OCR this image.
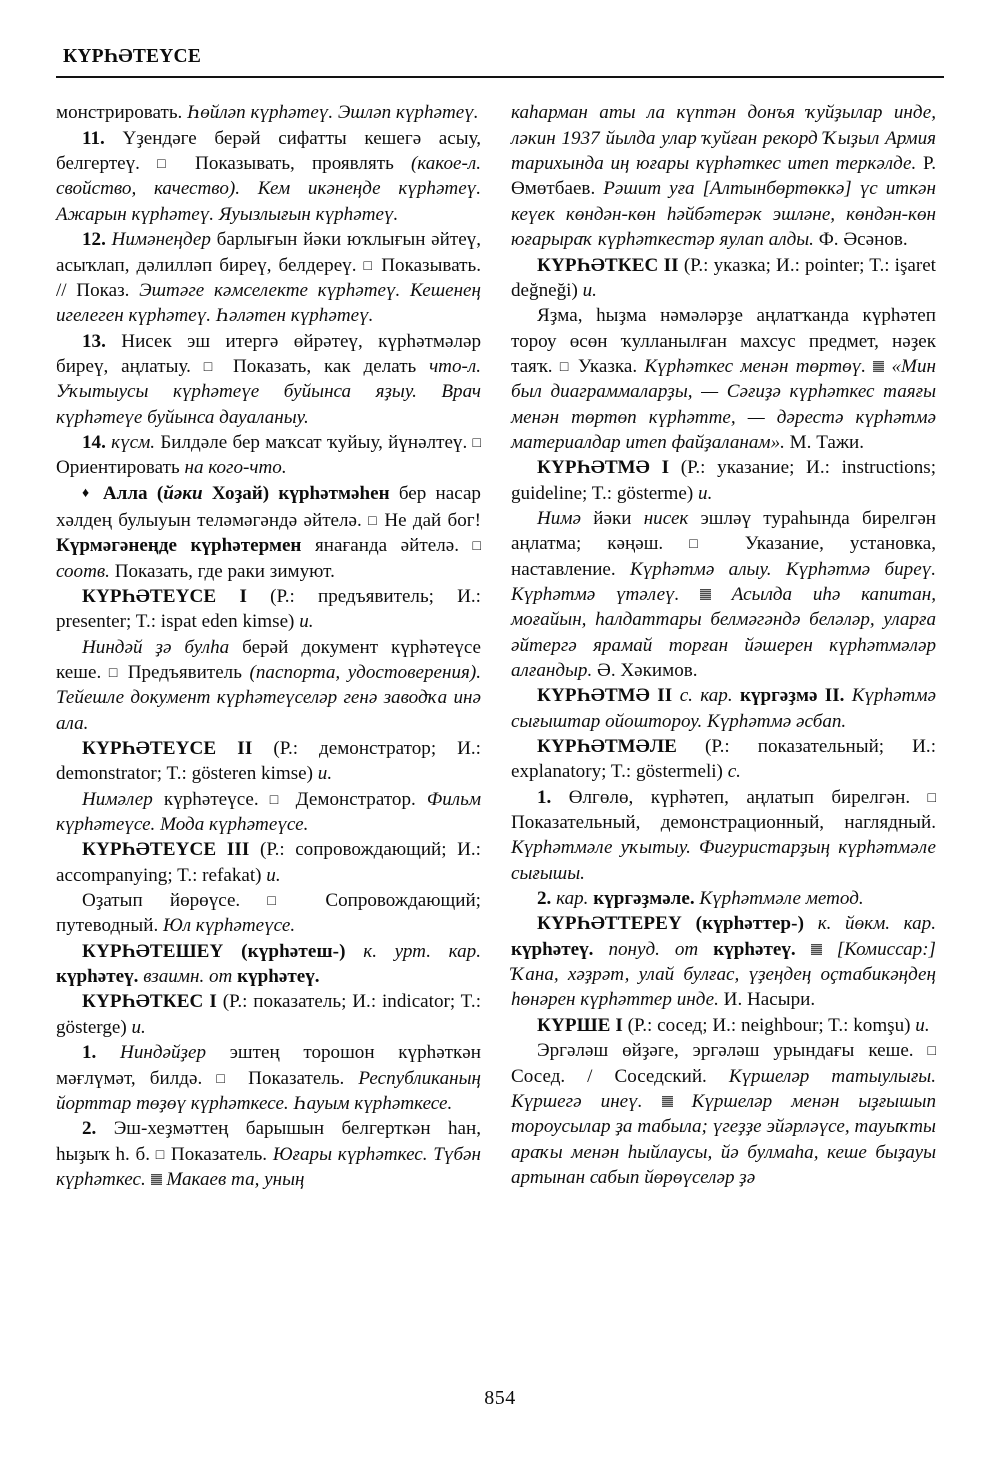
КҮРҺӘТЕҮСЕ

монстрировать. Һөйләп күрһәтеү. Эшләп күрһәтеү.

11. Үҙендәге берәй сифатты кешегә асыу, белгертеү. □ Показывать, проявлять (какое-л. свойство, качество). Кем икәнеңде күрһәтеү. Ажарын күрһәтеү. Яуызлығын күрһәтеү.

12. Нимәнеңдер барлығын йәки юҡлығын әйтеү, асыҡлап, дәлилләп биреү, белдереү. □ Показывать. // Показ. Эштәге кәмселекте күрһәтеү. Кешенең игелеген күрһәтеү. Һәләтен күрһәтеү.

13. Нисек эш итергә өйрәтеү, күрһәтмәләр биреү, аңлатыу. □ Показать, как делать что-л. Уҡытыусы күрһәтеүе буйынса яҙыу. Врач күрһәтеүе буйынса дауаланыу.

14. күсм. Билдәле бер маҡсат ҡуйыу, йүнәлтеү. □ Ориентировать на кого-что.

♦ Алла (йәки Хоҙай) күрһәтмәһен бер насар хәлдең булыуын теләмәгәндә әйтелә. □ Не дай бог! Күрмәгәнеңде күрһәтермен янағанда әйтелә. □ соотв. Показать, где раки зимуют.

КҮРҺӘТЕҮСЕ I (Р.: предъявитель; И.: presenter; T.: ispat eden kimse) и.

Ниндәй ҙә булһа берәй документ күрһәтеүсе кеше. □ Предъявитель (паспорта, удостоверения). Тейешле документ күрһәтеүселәр генә заводҡа инә ала.

КҮРҺӘТЕҮСЕ II (Р.: демонстратор; И.: demonstrator; T.: gösteren kimse) и.

Нимәлер күрһәтеүсе. □ Демонстратор. Фильм күрһәтеүсе. Мода күрһәтеүсе.

КҮРҺӘТЕҮСЕ III (Р.: сопровождающий; И.: accompanying; T.: refakat) и.

Оҙатып йөрөүсе. □ Сопровождающий; путеводный. Юл күрһәтеүсе.

КҮРҺӘТЕШЕҮ (күрһәтеш-) к. урт. кар. күрһәтеү. взаимн. от күрһәтеү.

КҮРҺӘТКЕС I (Р.: показатель; И.: indicator; T.: gösterge) и.

1. Ниндәйҙер эштең торошон күрһәткән мәғлүмәт, билдә. □ Показатель. Республиканың йорттар төҙөү күрһәткесе. Һауым күрһәткесе.

2. Эш-хеҙмәттең барышын белгерткән һан, һыҙыҡ һ. б. □ Показатель. Юғары күрһәткес. Түбән күрһәткес.  Макаев та, уның

каһарман аты ла күптән донъя ҡуйҙылар инде, ләкин 1937 йылда улар ҡуйған рекорд Ҡыҙыл Армия тарихында иң юғары күрһәткес итеп теркәлде. Р. Өмөтбаев. Рәшит уға [Алтынбөртөккә] үс иткән кеүек көндән-көн һәйбәтерәк эшләне, көндән-көн юғарыраҡ күрһәткестәр яулап алды. Ф. Әсәнов.

КҮРҺӘТКЕС II (Р.: указка; И.: pointer; T.: işaret değneği) и.

Яҙма, һыҙма нәмәләрҙе аңлатҡанда күрһәтеп тороу өсөн ҡулланылған махсус предмет, нәҙек таяҡ. □ Указка. Күрһәткес менән төртөү.  «Мин был диаграммаларҙы, — Сәғиҙә күрһәткес таяғы менән төртөп күрһәтте, — дәрестә күрһәтмә материалдар итеп файҙаланам». М. Тажи.

КҮРҺӘТМӘ I (Р.: указание; И.: instructions; guideline; T.: gösterme) и.

Нимә йәки нисек эшләү тураһында бирелгән аңлатма; кәңәш. □ Указание, установка, наставление. Күрһәтмә алыу. Күрһәтмә биреү. Күрһәтмә үтәлеү.  Асылда иһә капитан, моғайын, һалдаттары белмәгәндә беләләр, уларға әйтергә ярамай торған йәшерен күрһәтмәләр алғандыр. Ә. Хәкимов.

КҮРҺӘТМӘ II с. кар. күргәҙмә II. Күрһәтмә сығыштар ойоштороу. Күрһәтмә әсбап.

КҮРҺӘТМӘЛЕ (Р.: показательный; И.: explanatory; T.: göstermeli) с.

1. Өлгөлө, күрһәтеп, аңлатып бирелгән. □ Показательный, демонстрационный, наглядный. Күрһәтмәле уҡытыу. Фигуристарҙың күрһәтмәле сығышы.

2. кар. күргәҙмәле. Күрһәтмәле метод.

КҮРҺӘТТЕРЕҮ (күрһәттер-) к. йөкм. кар. күрһәтеү. понуд. от күрһәтеү.  [Комиссар:] Ҡана, хәҙрәт, улай булғас, үҙеңдең оҫтабикәңдең һөнәрен күрһәттер инде. И. Насыри.

КҮРШЕ I (Р.: сосед; И.: neighbour; T.: komşu) и.

Эргәләш өйҙәге, эргәләш урындағы кеше. □ Сосед. / Соседский. Күршеләр татыулығы. Күршегә инеү.  Күршеләр менән ыҙғышып тороусылар ҙа табыла; үгеҙҙе эйәрләүсе, тауыҡты араҡы менән һыйлаусы, йә булмаһа, кеше быҙауы артынан сабып йөрөүселәр ҙә

854
